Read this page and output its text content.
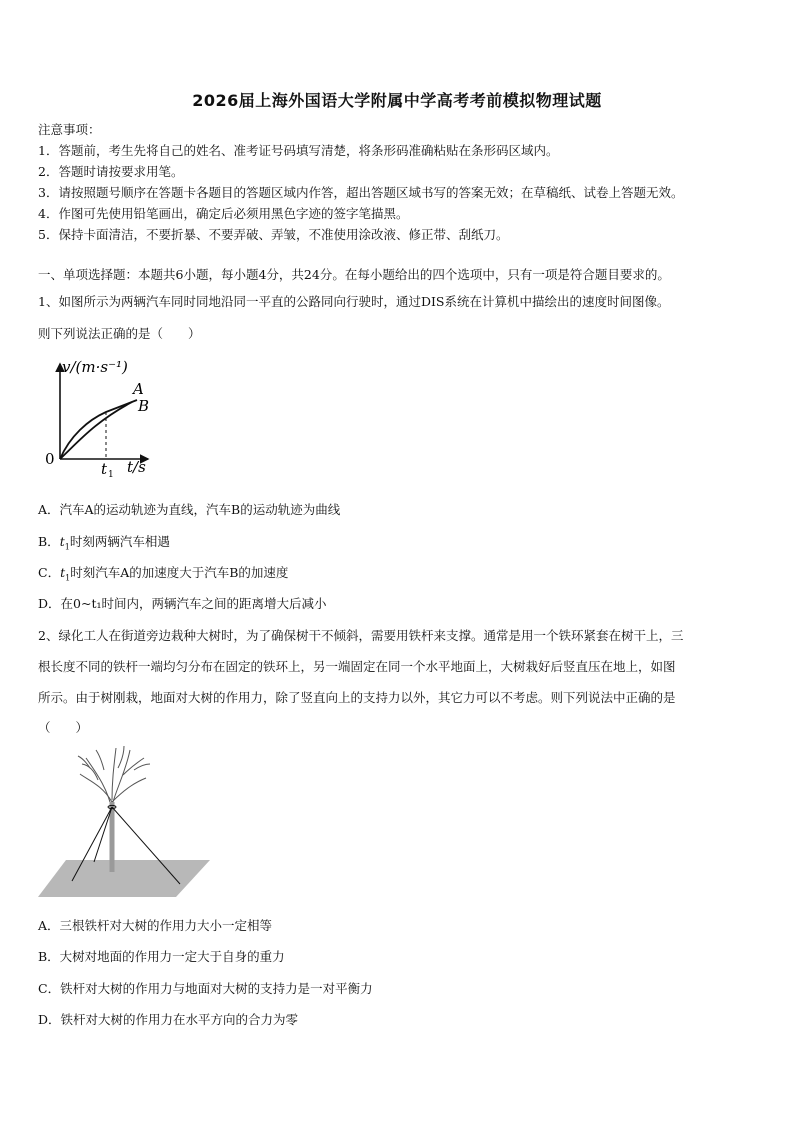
2026届上海外国语大学附属中学高考考前模拟物理试题
注意事项：
1．答题前，考生先将自己的姓名、准考证号码填写清楚，将条形码准确粘贴在条形码区域内。
2．答题时请按要求用笔。
3．请按照题号顺序在答题卡各题目的答题区域内作答，超出答题区域书写的答案无效；在草稿纸、试卷上答题无效。
4．作图可先使用铅笔画出，确定后必须用黑色字迹的签字笔描黑。
5．保持卡面清洁，不要折暴、不要弄破、弄皱，不准使用涂改液、修正带、刮纸刀。
一、单项选择题：本题共6小题，每小题4分，共24分。在每小题给出的四个选项中，只有一项是符合题目要求的。
1、如图所示为两辆汽车同时同地沿同一平直的公路同向行驶时，通过DIS系统在计算机中描绘出的速度时间图像。
则下列说法正确的是（　　）
v/(m·s⁻¹)
A
B
0
t 1 t/s
A．汽车A的运动轨迹为直线，汽车B的运动轨迹为曲线
B．$t_1$时刻两辆汽车相遇
C．$t_1$时刻汽车A的加速度大于汽车B的加速度
D．在0~t₁时间内，两辆汽车之间的距离增大后减小
2、绿化工人在街道旁边栽种大树时，为了确保树干不倾斜，需要用铁杆来支撑。通常是用一个铁环紧套在树干上，三
根长度不同的铁杆一端均匀分布在固定的铁环上，另一端固定在同一个水平地面上，大树栽好后竖直压在地上，如图
所示。由于树刚栽，地面对大树的作用力，除了竖直向上的支持力以外，其它力可以不考虑。则下列说法中正确的是
（　　）
A．三根铁杆对大树的作用力大小一定相等
B．大树对地面的作用力一定大于自身的重力
C．铁杆对大树的作用力与地面对大树的支持力是一对平衡力
D．铁杆对大树的作用力在水平方向的合力为零
